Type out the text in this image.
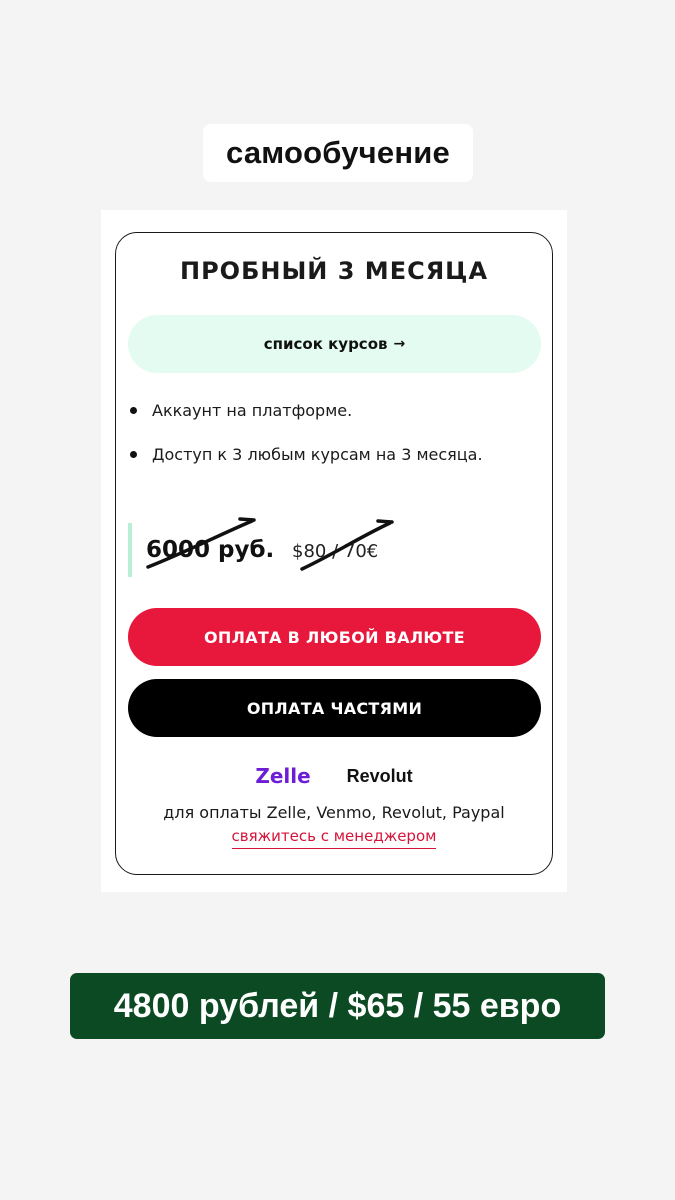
самообучение
ПРОБНЫЙ 3 МЕСЯЦА
список курсов →
Аккаунт на платформе.
Доступ к 3 любым курсам на 3 месяца.
6000 руб. $80 / 70€
ОПЛАТА В ЛЮБОЙ ВАЛЮТЕ
ОПЛАТА ЧАСТЯМИ
Zelle Revolut
для оплаты Zelle, Venmo, Revolut, Paypal
свяжитесь с менеджером
4800 рублей / $65 / 55 евро
